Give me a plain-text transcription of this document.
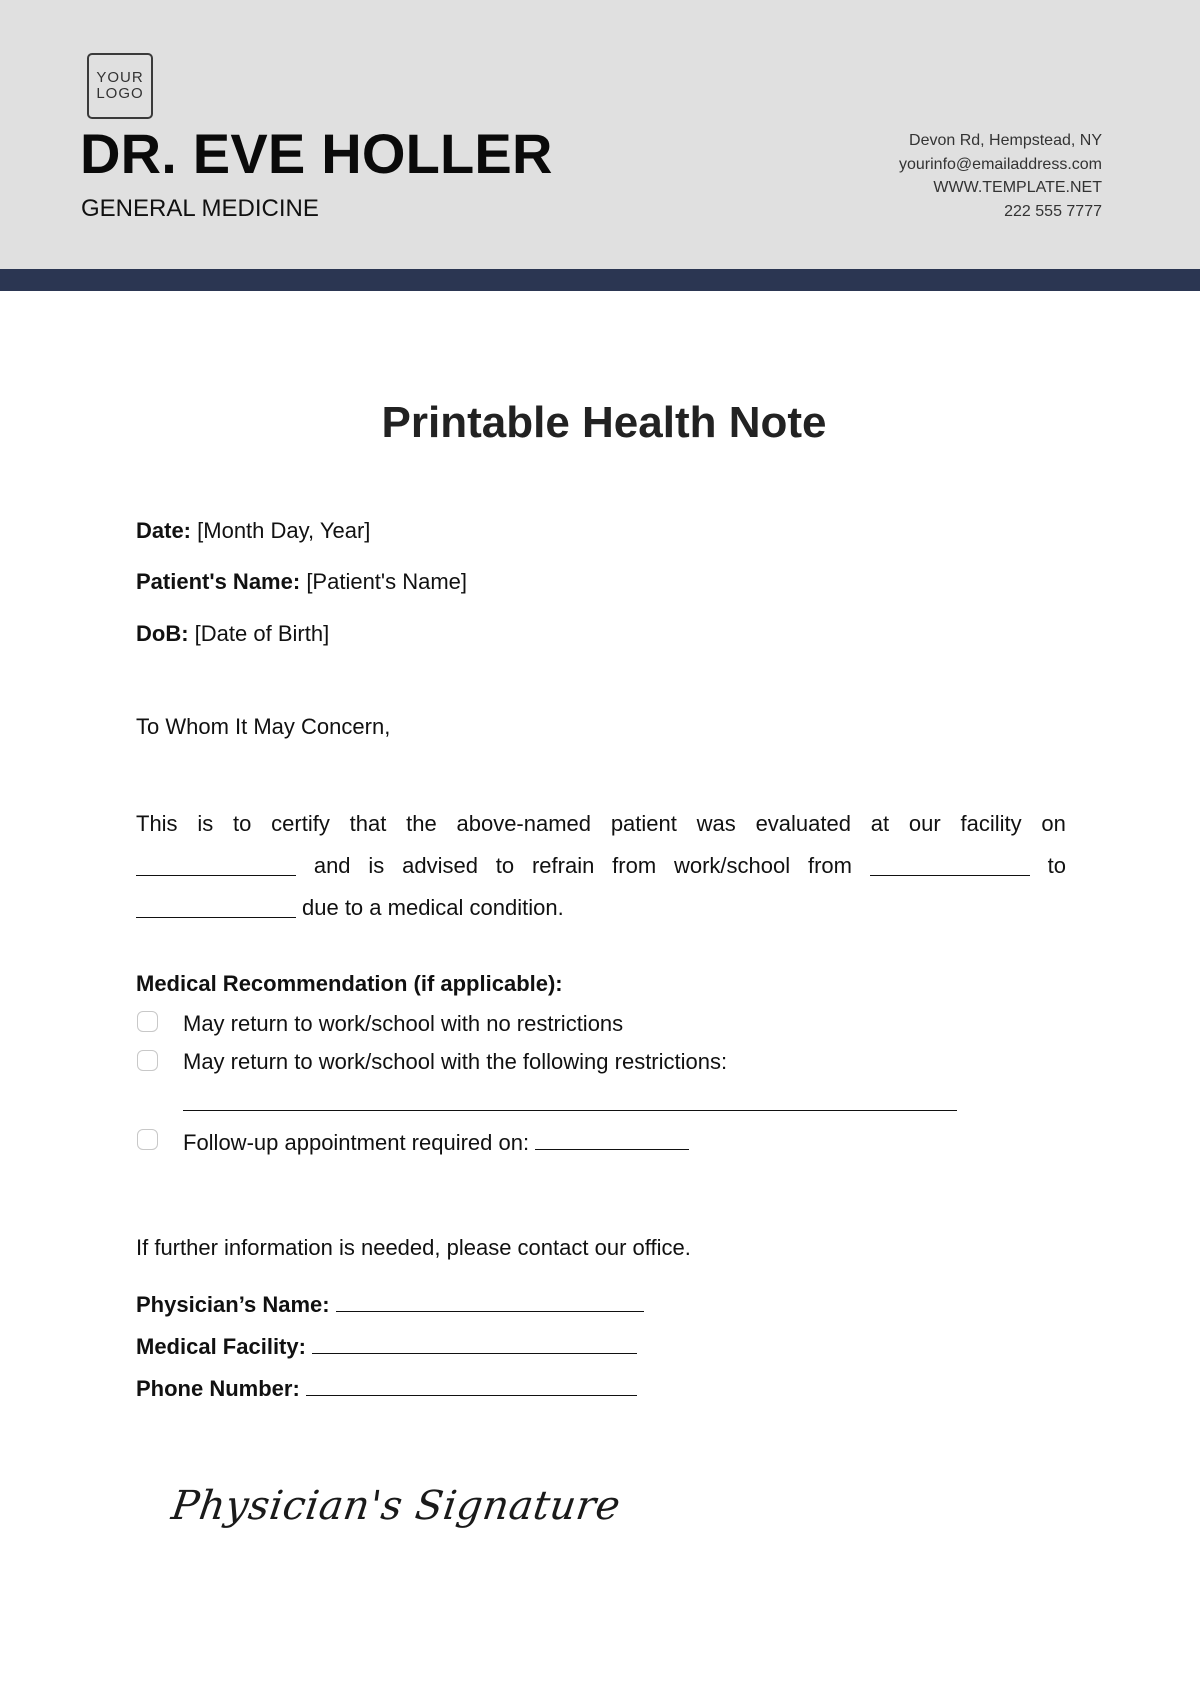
YOUR
LOGO
DR. EVE HOLLER
GENERAL MEDICINE
Devon Rd, Hempstead, NY
yourinfo@emailaddress.com
WWW.TEMPLATE.NET
222 555 7777
Printable Health Note
Date: [Month Day, Year]
Patient's Name: [Patient's Name]
DoB: [Date of Birth]
To Whom It May Concern,
This is to certify that the above-named patient was evaluated at our facility on
and is advised to refrain from work/school from	to
due to a medical condition.
Medical Recommendation (if applicable):
May return to work/school with no restrictions
May return to work/school with the following restrictions:
Follow-up appointment required on:
If further information is needed, please contact our office.
Physician’s Name:
Medical Facility:
Phone Number:
Physician's Signature
